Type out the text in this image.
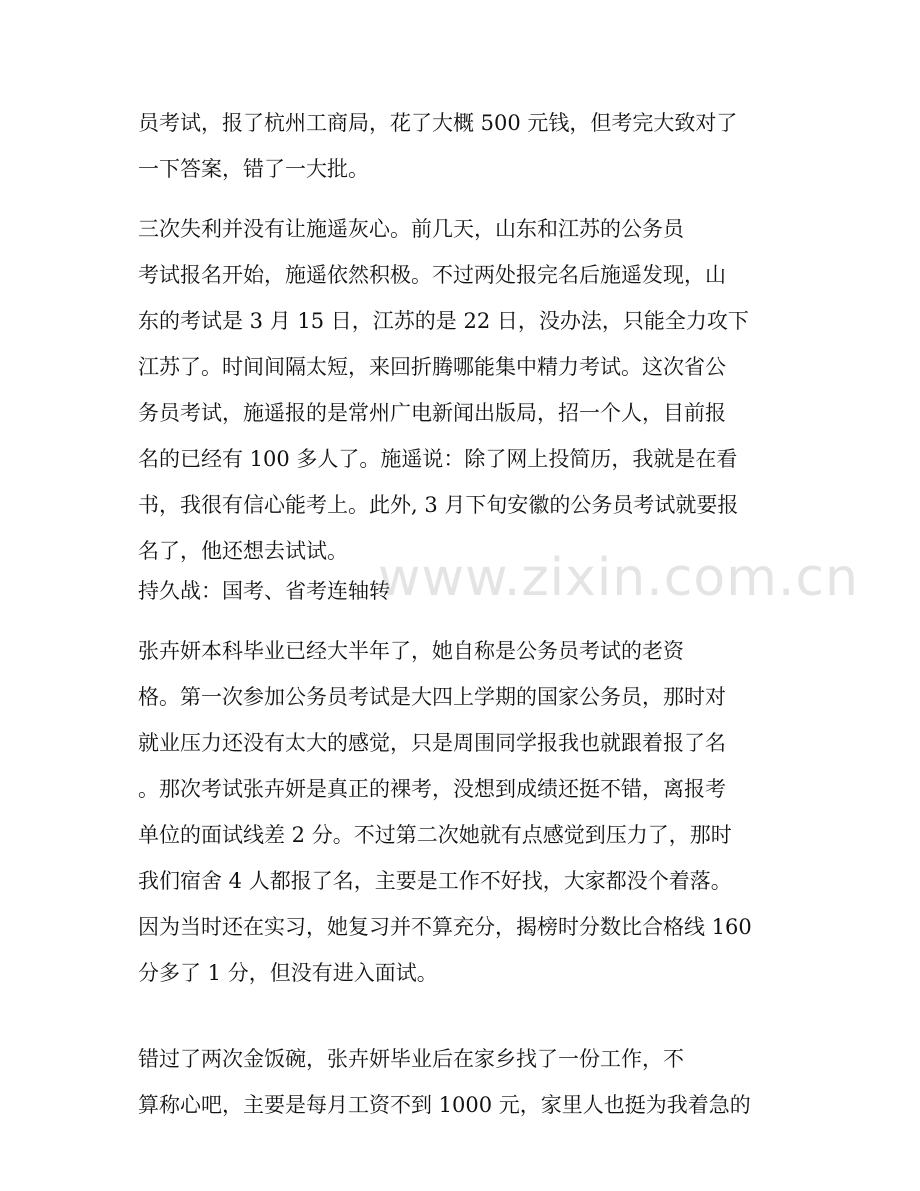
www.zixin.com.cn
员考试，报了杭州工商局，花了大概 500 元钱，但考完大致对了
一下答案，错了一大批。
三次失利并没有让施遥灰心。前几天，山东和江苏的公务员
考试报名开始，施遥依然积极。不过两处报完名后施遥发现，山
东的考试是 3 月 15 日，江苏的是 22 日，没办法，只能全力攻下
江苏了。时间间隔太短，来回折腾哪能集中精力考试。这次省公
务员考试，施遥报的是常州广电新闻出版局，招一个人，目前报
名的已经有 100 多人了。施遥说：除了网上投简历，我就是在看
书，我很有信心能考上。此外, 3 月下旬安徽的公务员考试就要报
名了，他还想去试试。
持久战：国考、省考连轴转
张卉妍本科毕业已经大半年了，她自称是公务员考试的老资
格。第一次参加公务员考试是大四上学期的国家公务员，那时对
就业压力还没有太大的感觉，只是周围同学报我也就跟着报了名
。那次考试张卉妍是真正的裸考，没想到成绩还挺不错，离报考
单位的面试线差 2 分。不过第二次她就有点感觉到压力了，那时
我们宿舍 4 人都报了名，主要是工作不好找，大家都没个着落。
因为当时还在实习，她复习并不算充分，揭榜时分数比合格线 160
分多了 1 分，但没有进入面试。
错过了两次金饭碗，张卉妍毕业后在家乡找了一份工作，不
算称心吧，主要是每月工资不到 1000 元，家里人也挺为我着急的
